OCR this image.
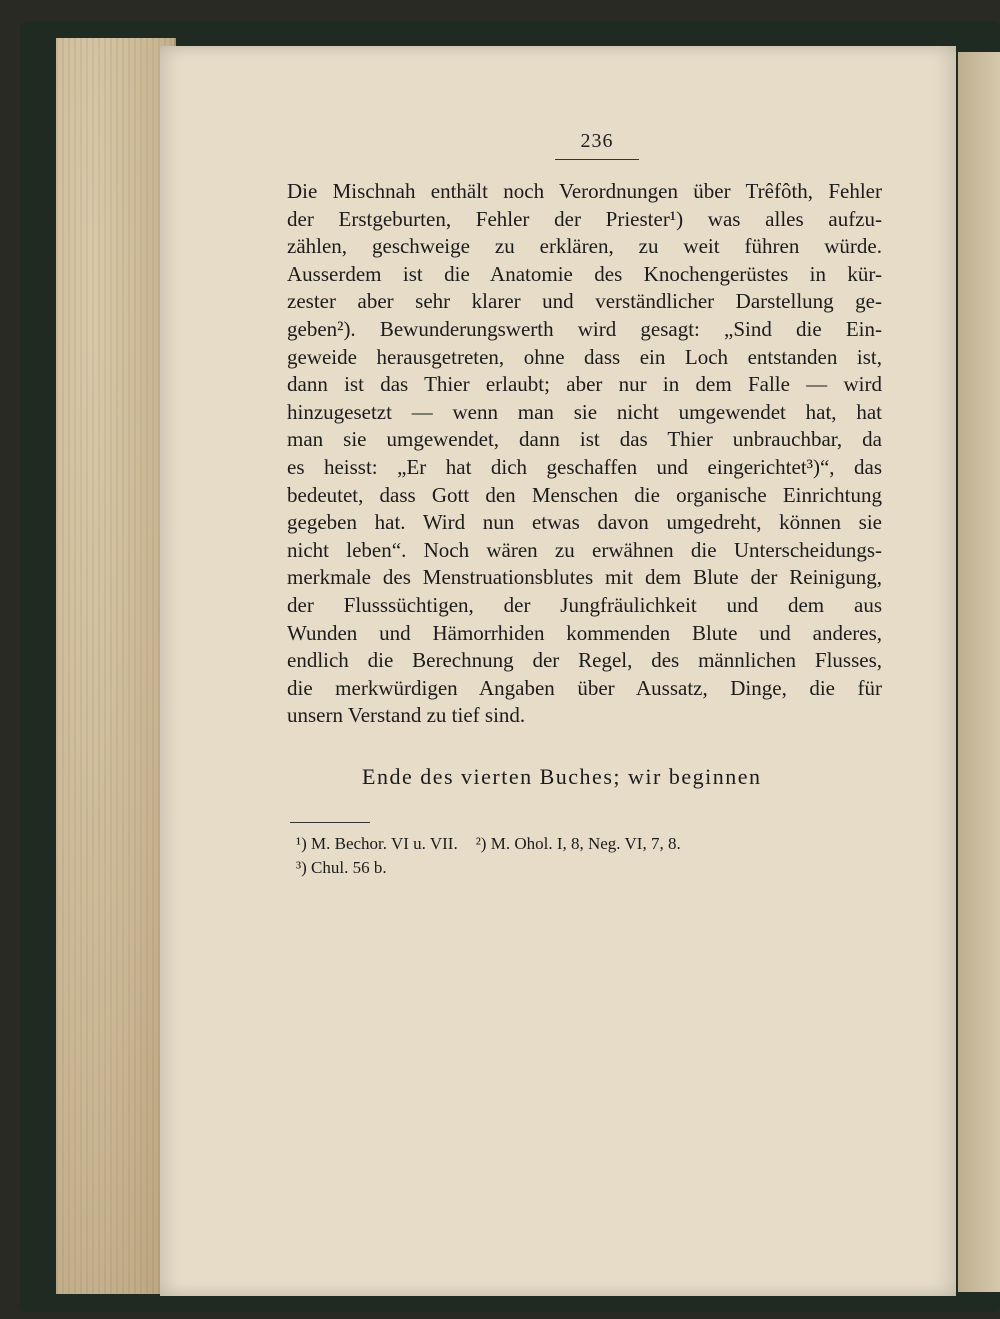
236
Die Mischnah enthält noch Verordnungen über Trêfôth, Fehler
der Erstgeburten, Fehler der Priester¹) was alles aufzu-
zählen, geschweige zu erklären, zu weit führen würde.
Ausserdem ist die Anatomie des Knochengerüstes in kür-
zester aber sehr klarer und verständlicher Darstellung ge-
geben²). Bewunderungswerth wird gesagt: „Sind die Ein-
geweide herausgetreten, ohne dass ein Loch entstanden ist,
dann ist das Thier erlaubt; aber nur in dem Falle — wird
hinzugesetzt — wenn man sie nicht umgewendet hat, hat
man sie umgewendet, dann ist das Thier unbrauchbar, da
es heisst: „Er hat dich geschaffen und eingerichtet³)“, das
bedeutet, dass Gott den Menschen die organische Einrichtung
gegeben hat. Wird nun etwas davon umgedreht, können sie
nicht leben“. Noch wären zu erwähnen die Unterscheidungs-
merkmale des Menstruationsblutes mit dem Blute der Reinigung,
der Flusssüchtigen, der Jungfräulichkeit und dem aus
Wunden und Hämorrhiden kommenden Blute und anderes,
endlich die Berechnung der Regel, des männlichen Flusses,
die merkwürdigen Angaben über Aussatz, Dinge, die für
unsern Verstand zu tief sind.
Ende des vierten Buches; wir beginnen
¹) M. Bechor. VI u. VII. ²) M. Ohol. I, 8, Neg. VI, 7, 8.
³) Chul. 56 b.
